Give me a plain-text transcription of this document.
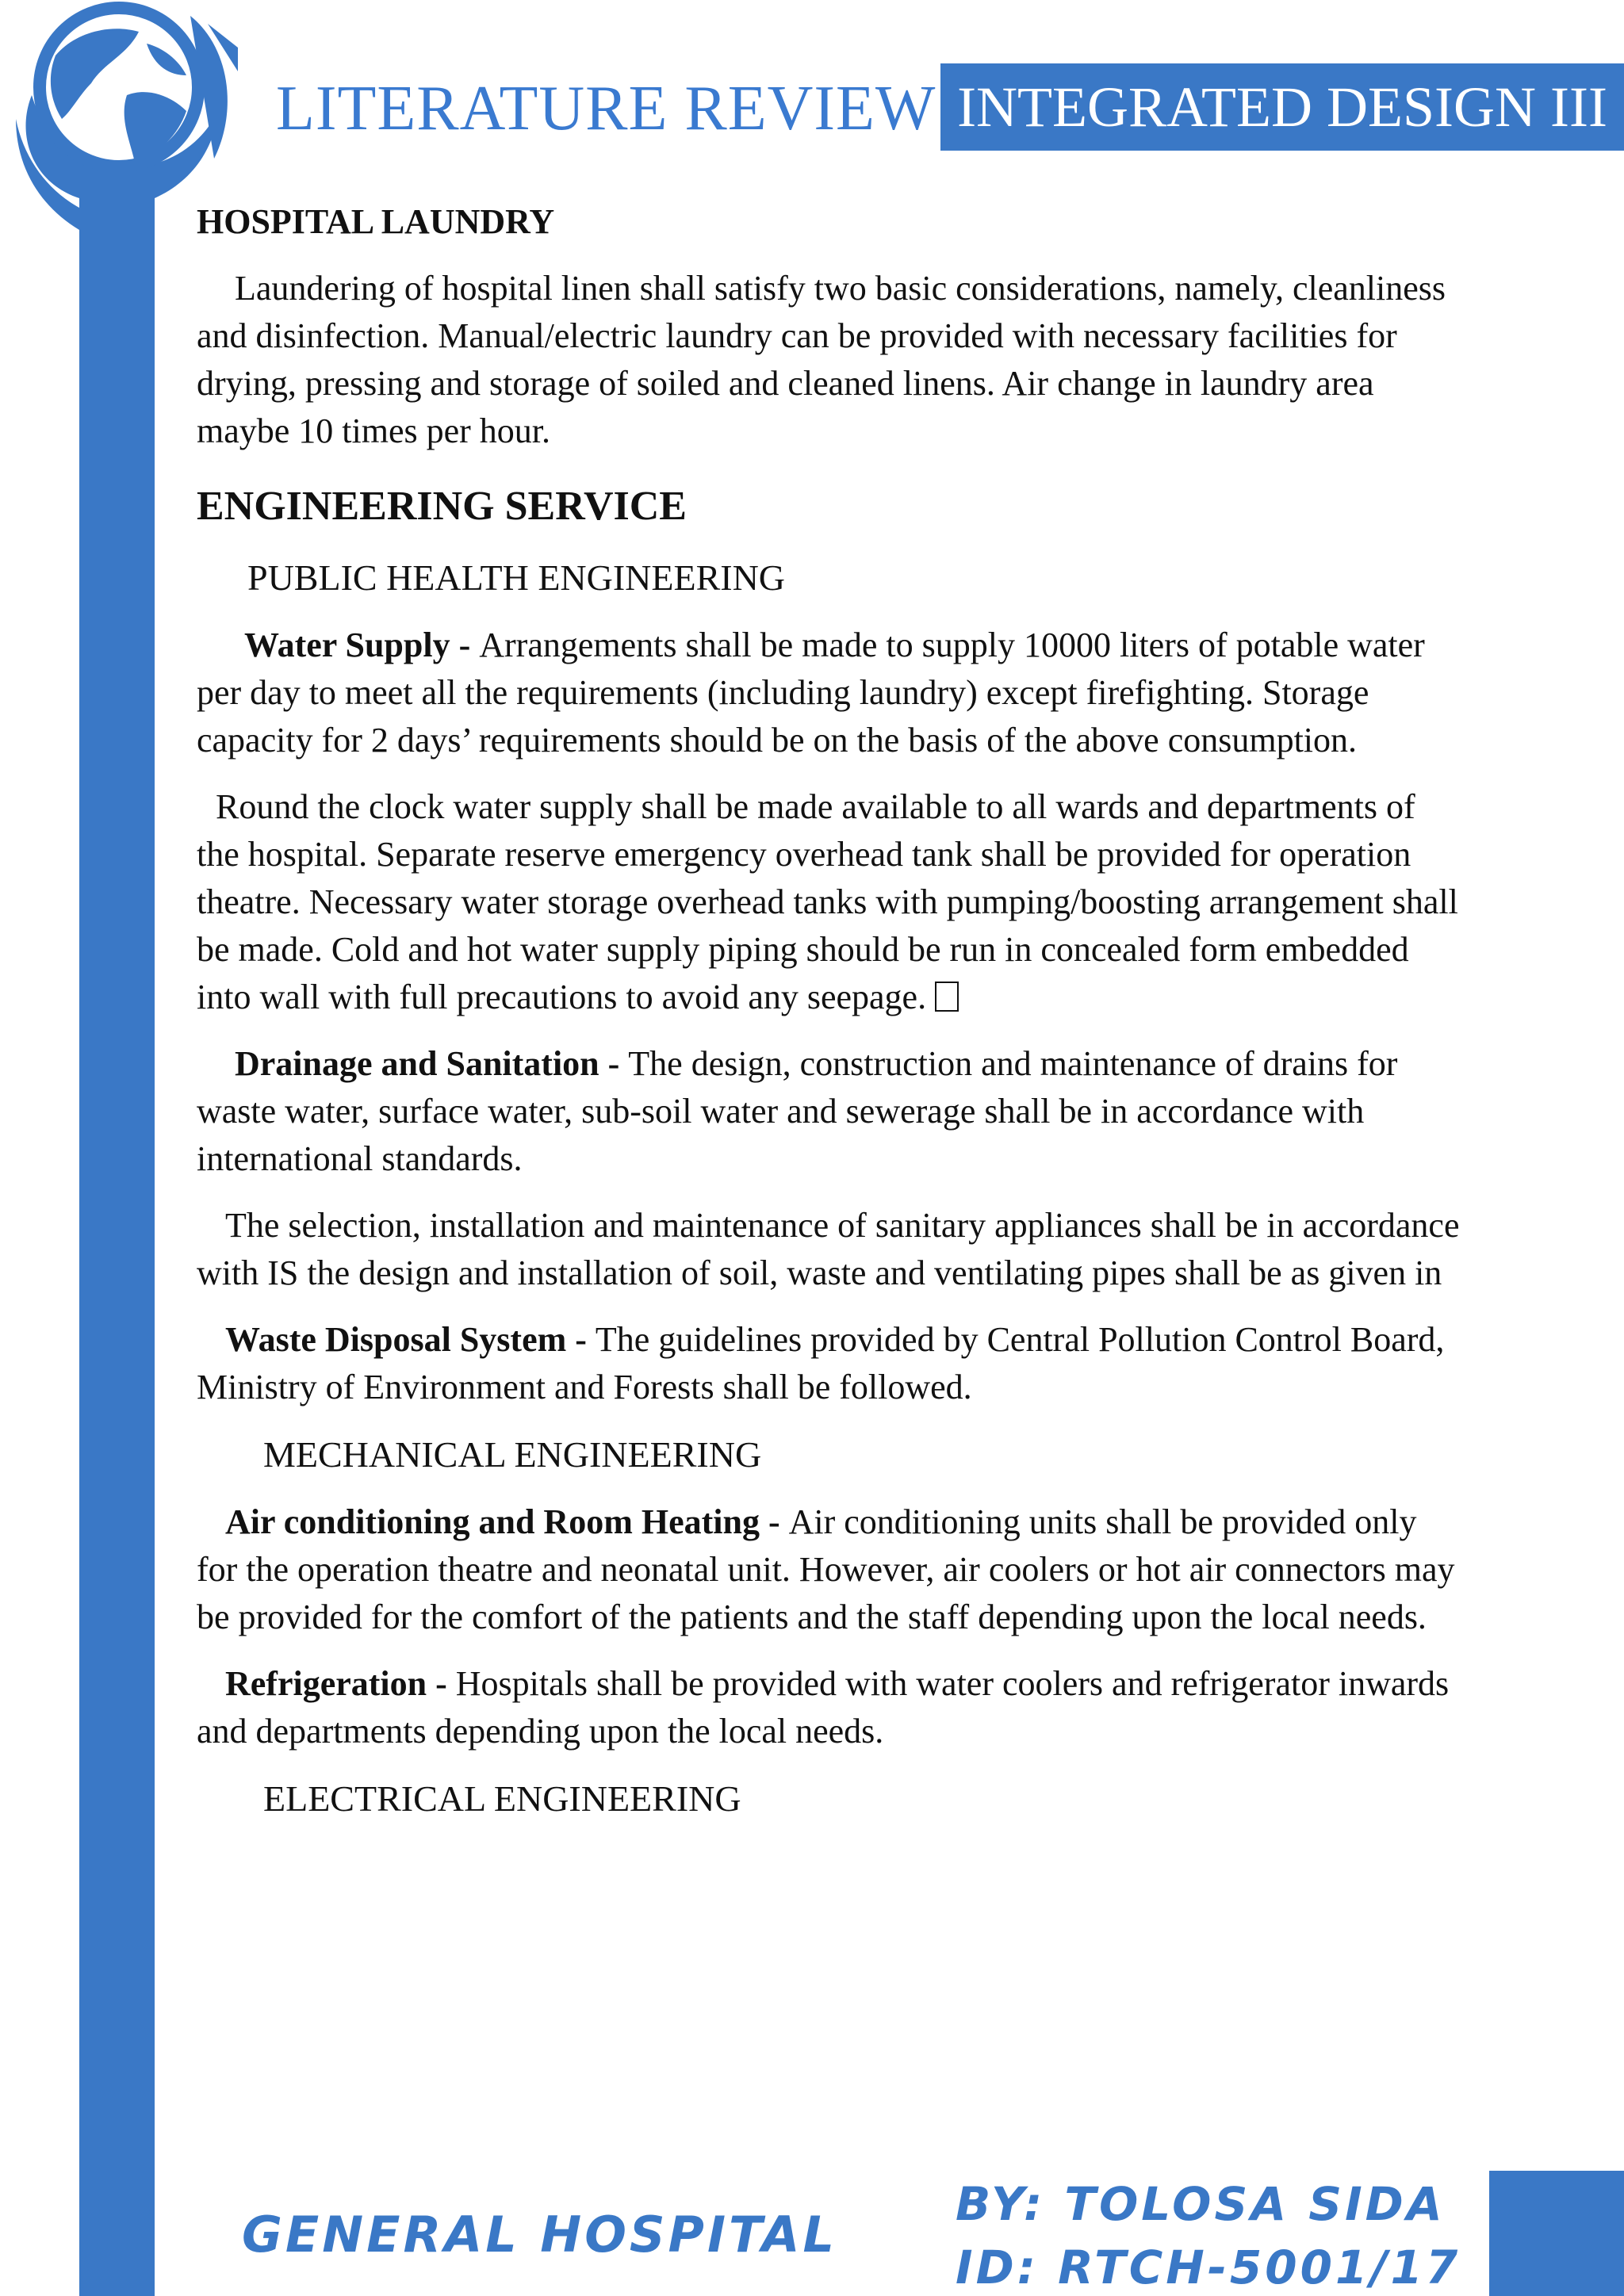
LITERATURE REVIEW INTEGRATED DESIGN III
HOSPITAL LAUNDRY

Laundering of hospital linen shall satisfy two basic considerations, namely, cleanliness and disinfection. Manual/electric laundry can be provided with necessary facilities for drying, pressing and storage of soiled and cleaned linens. Air change in laundry area maybe 10 times per hour.

ENGINEERING SERVICE
PUBLIC HEALTH ENGINEERING

Water Supply - Arrangements shall be made to supply 10000 liters of potable water per day to meet all the requirements (including laundry) except firefighting. Storage capacity for 2 days’ requirements should be on the basis of the above consumption.

Round the clock water supply shall be made available to all wards and departments of the hospital. Separate reserve emergency overhead tank shall be provided for operation theatre. Necessary water storage overhead tanks with pumping/boosting arrangement shall be made. Cold and hot water supply piping should be run in concealed form embedded into wall with full precautions to avoid any seepage.

Drainage and Sanitation - The design, construction and maintenance of drains for waste water, surface water, sub-soil water and sewerage shall be in accordance with international standards.

The selection, installation and maintenance of sanitary appliances shall be in accordance with IS the design and installation of soil, waste and ventilating pipes shall be as given in

Waste Disposal System - The guidelines provided by Central Pollution Control Board, Ministry of Environment and Forests shall be followed.

MECHANICAL ENGINEERING

Air conditioning and Room Heating - Air conditioning units shall be provided only for the operation theatre and neonatal unit. However, air coolers or hot air connectors may be provided for the comfort of the patients and the staff depending upon the local needs.

Refrigeration - Hospitals shall be provided with water coolers and refrigerator inwards and departments depending upon the local needs.

ELECTRICAL ENGINEERING
GENERAL HOSPITAL
BY: TOLOSA SIDA
ID: RTCH-5001/17
